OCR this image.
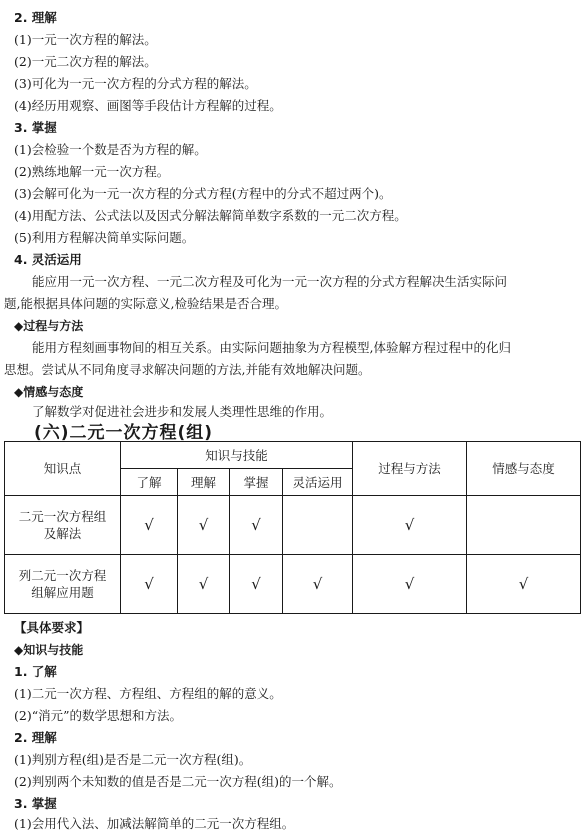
2. 理解
(1)一元一次方程的解法。
(2)一元二次方程的解法。
(3)可化为一元一次方程的分式方程的解法。
(4)经历用观察、画图等手段估计方程解的过程。
3. 掌握
(1)会检验一个数是否为方程的解。
(2)熟练地解一元一次方程。
(3)会解可化为一元一次方程的分式方程(方程中的分式不超过两个)。
(4)用配方法、公式法以及因式分解法解简单数字系数的一元二次方程。
(5)利用方程解决简单实际问题。
4. 灵活运用
能应用一元一次方程、一元二次方程及可化为一元一次方程的分式方程解决生活实际问
题,能根据具体问题的实际意义,检验结果是否合理。
◆过程与方法
能用方程刻画事物间的相互关系。由实际问题抽象为方程模型,体验解方程过程中的化归
思想。尝试从不同角度寻求解决问题的方法,并能有效地解决问题。
◆情感与态度
了解数学对促进社会进步和发展人类理性思维的作用。
(六)二元一次方程(组)
知识点	知识与技能				过程与方法	情感与态度
	了解	理解	掌握	灵活运用		

二元一次方程组
及解法	√	√	√		√	

列二元一次方程
组解应用题	√	√	√	√	√	√
【具体要求】
◆知识与技能
1. 了解
(1)二元一次方程、方程组、方程组的解的意义。
(2)“消元”的数学思想和方法。
2. 理解
(1)判别方程(组)是否是二元一次方程(组)。
(2)判别两个未知数的值是否是二元一次方程(组)的一个解。
3. 掌握
(1)会用代入法、加减法解简单的二元一次方程组。
